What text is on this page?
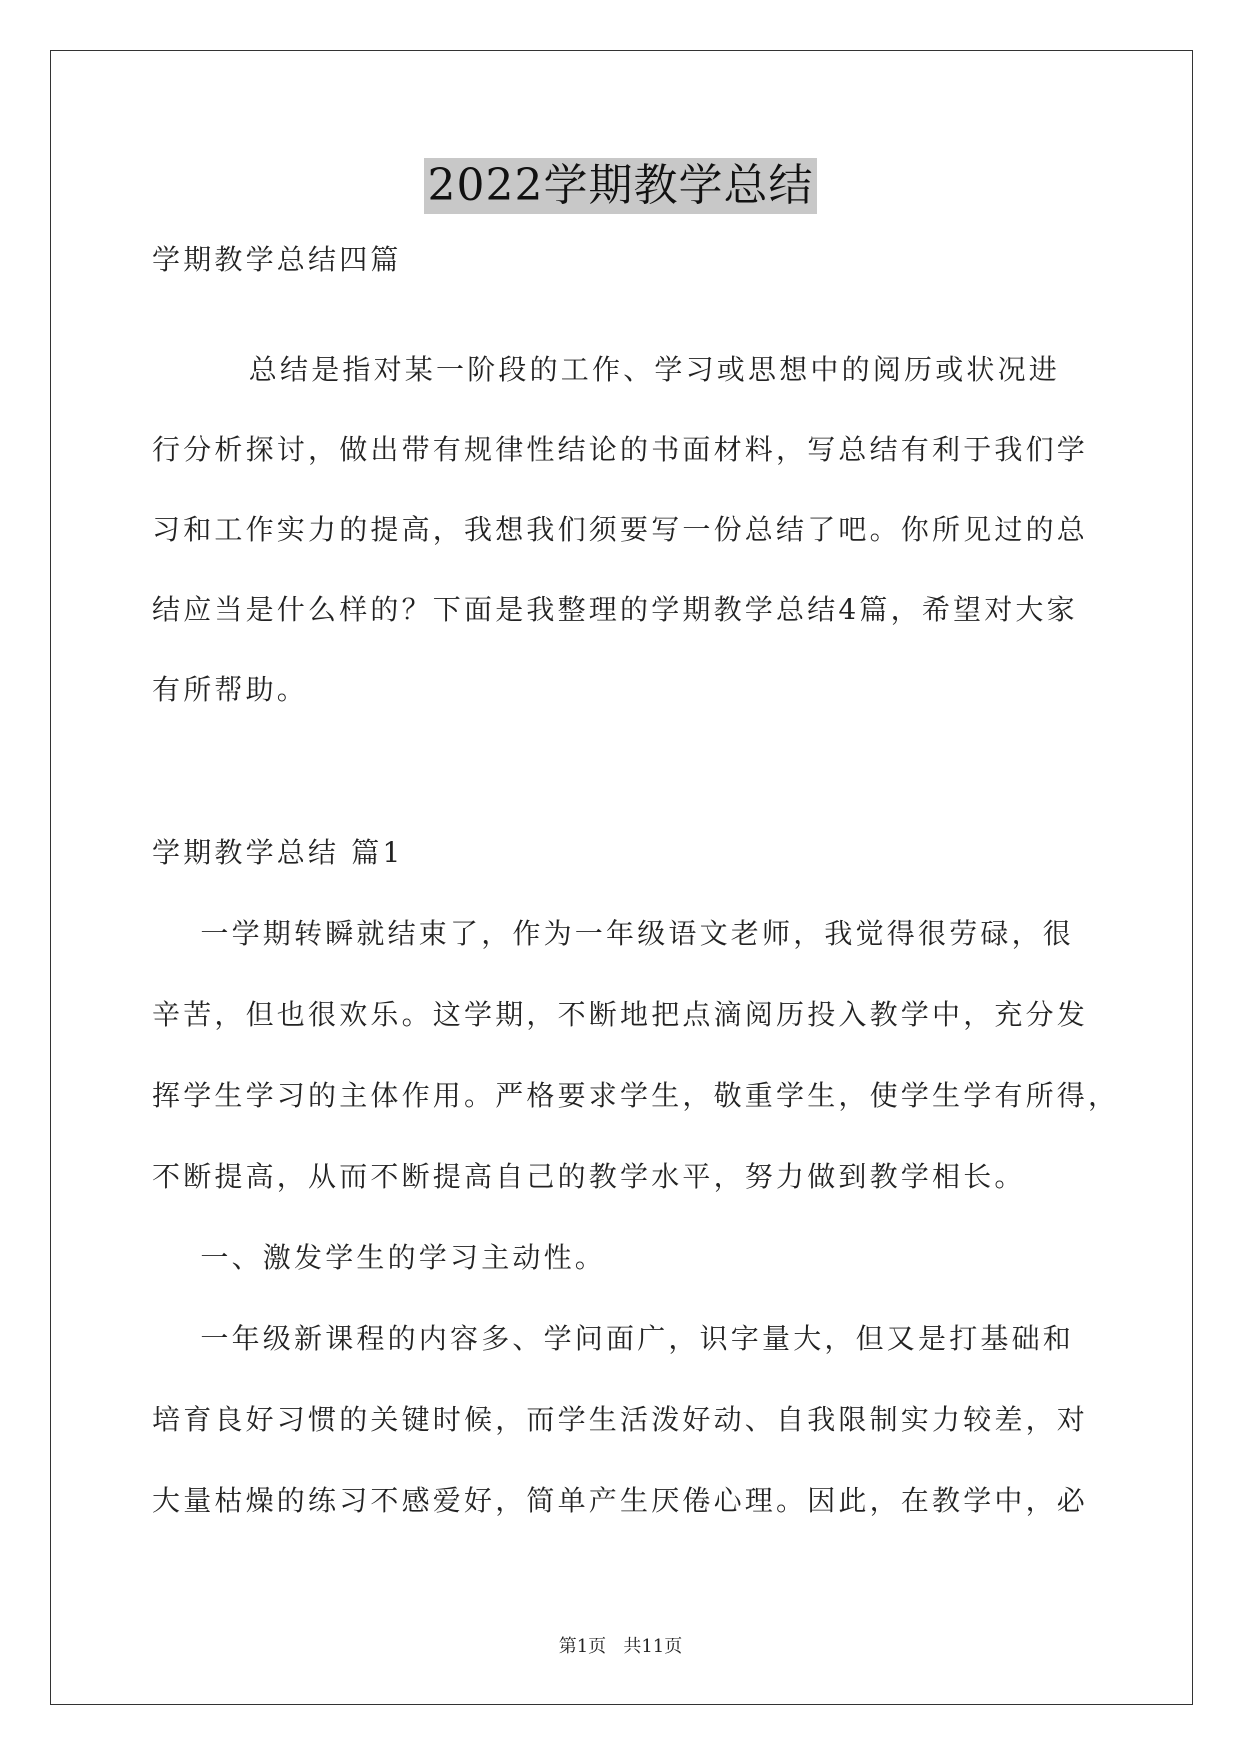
2022学期教学总结
学期教学总结四篇
总结是指对某一阶段的工作、学习或思想中的阅历或状况进
行分析探讨，做出带有规律性结论的书面材料，写总结有利于我们学
习和工作实力的提高，我想我们须要写一份总结了吧。你所见过的总
结应当是什么样的？下面是我整理的学期教学总结4篇，希望对大家
有所帮助。
学期教学总结 篇1
一学期转瞬就结束了，作为一年级语文老师，我觉得很劳碌，很
辛苦，但也很欢乐。这学期，不断地把点滴阅历投入教学中，充分发
挥学生学习的主体作用。严格要求学生，敬重学生，使学生学有所得，
不断提高，从而不断提高自己的教学水平，努力做到教学相长。
一、激发学生的学习主动性。
一年级新课程的内容多、学问面广，识字量大，但又是打基础和
培育良好习惯的关键时候，而学生活泼好动、自我限制实力较差，对
大量枯燥的练习不感爱好，简单产生厌倦心理。因此，在教学中，必
第1页   共11页
